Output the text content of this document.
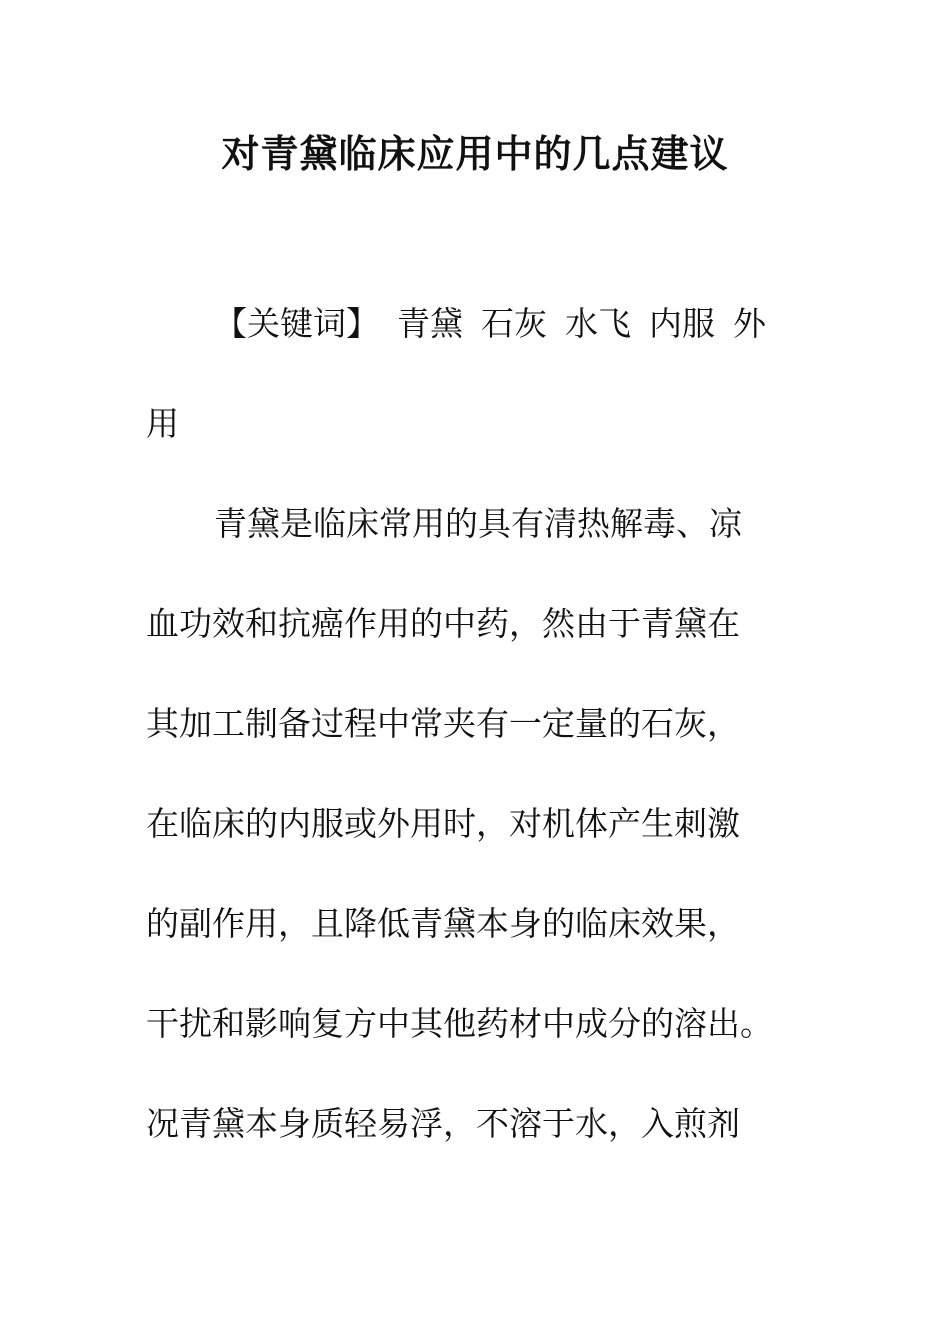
对青黛临床应用中的几点建议
【关键词】 青黛 石灰 水飞 内服 外
用
青黛是临床常用的具有清热解毒、凉
血功效和抗癌作用的中药，然由于青黛在
其加工制备过程中常夹有一定量的石灰，
在临床的内服或外用时，对机体产生刺激
的副作用，且降低青黛本身的临床效果，
干扰和影响复方中其他药材中成分的溶出。
况青黛本身质轻易浮，不溶于水，入煎剂
